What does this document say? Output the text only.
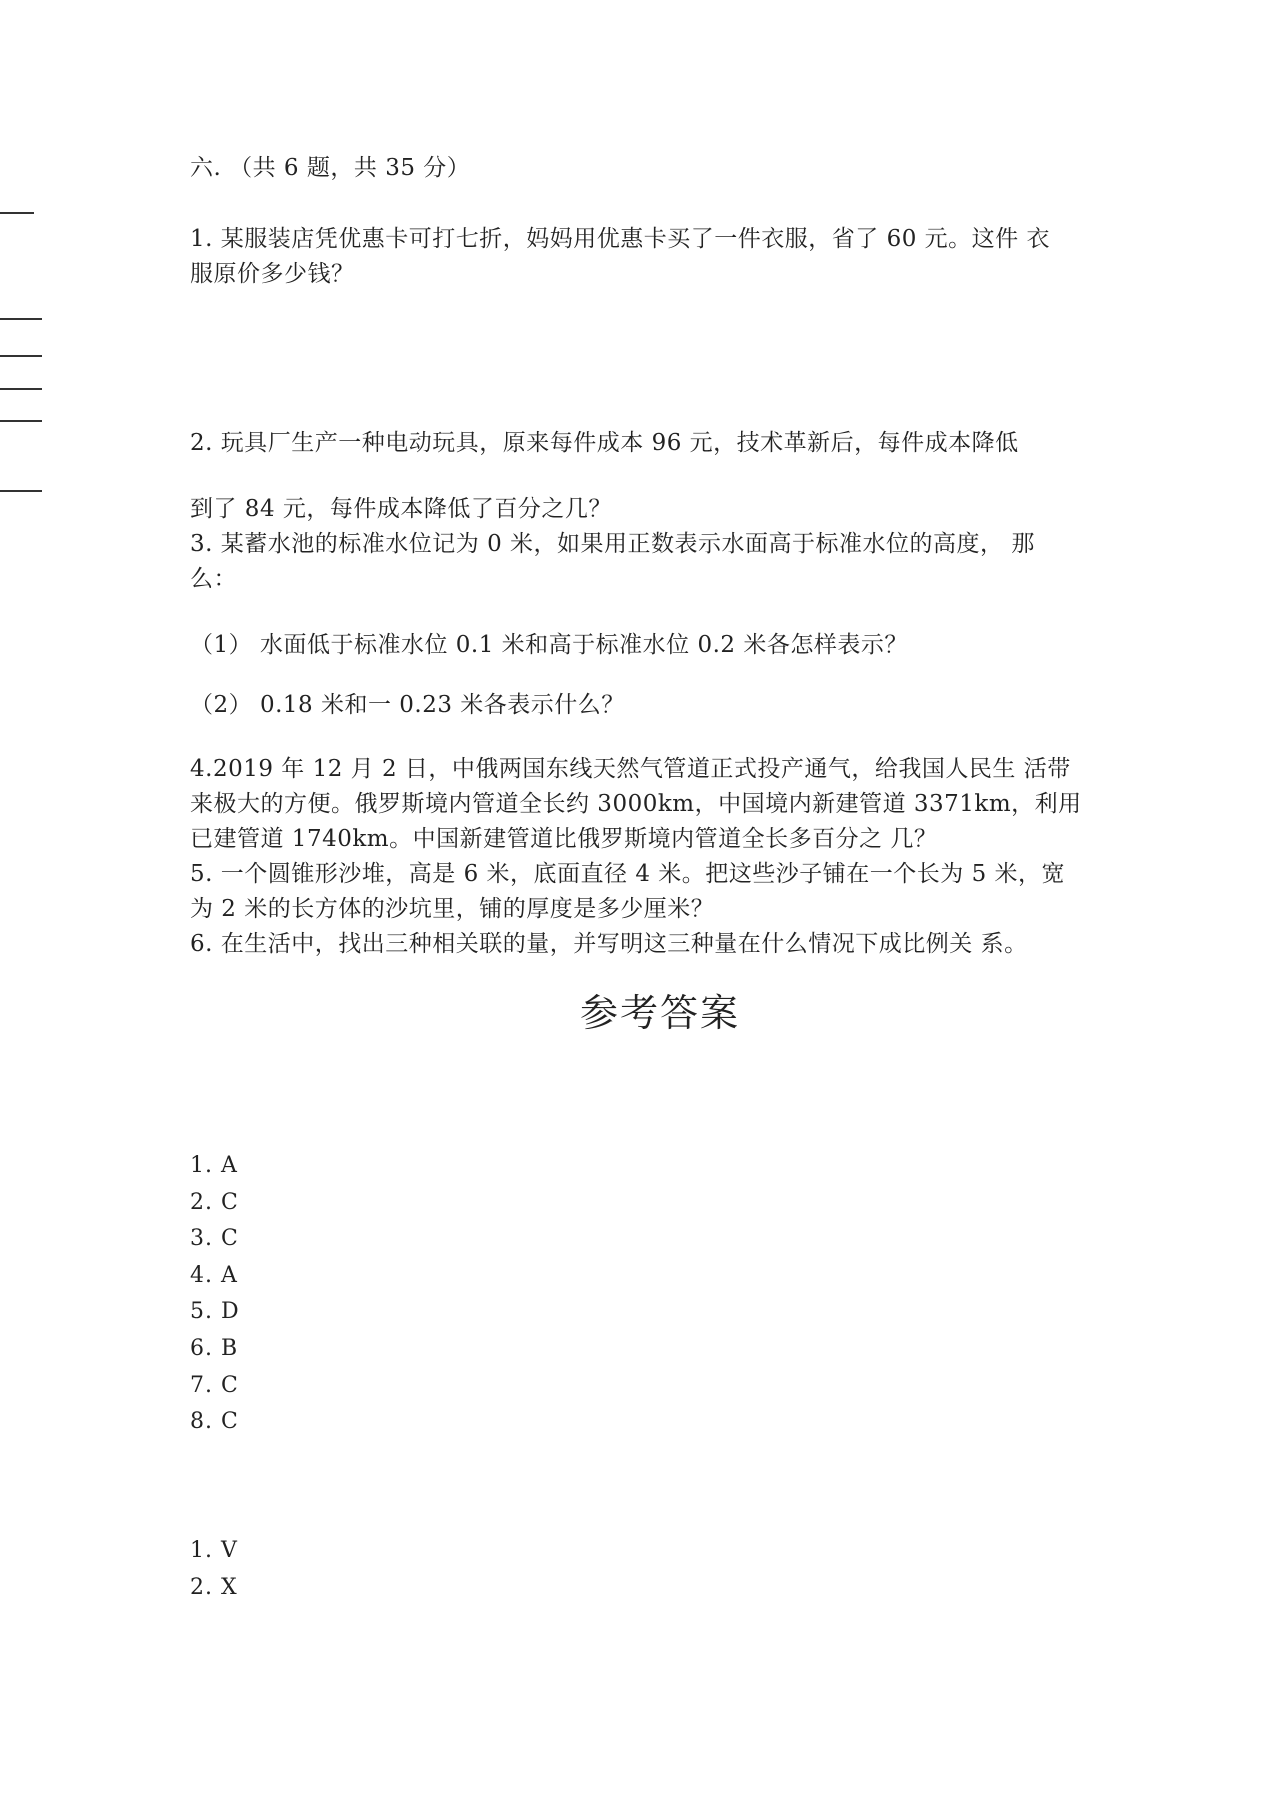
六. （共 6 题，共 35 分）
1. 某服装店凭优惠卡可打七折，妈妈用优惠卡买了一件衣服，省了 60 元。这件 衣
服原价多少钱？
2. 玩具厂生产一种电动玩具，原来每件成本 96 元，技术革新后，每件成本降低
到了 84 元，每件成本降低了百分之几？
3. 某蓄水池的标准水位记为 0 米，如果用正数表示水面高于标准水位的高度， 那
么：
（1） 水面低于标准水位 0.1 米和高于标准水位 0.2 米各怎样表示？
（2） 0.18 米和一 0.23 米各表示什么？
4.2019 年 12 月 2 日，中俄两国东线天然气管道正式投产通气，给我国人民生 活带
来极大的方便。俄罗斯境内管道全长约 3000km，中国境内新建管道 3371km，利用
已建管道 1740km。中国新建管道比俄罗斯境内管道全长多百分之 几？
5. 一个圆锥形沙堆，高是 6 米，底面直径 4 米。把这些沙子铺在一个长为 5 米，宽
为 2 米的长方体的沙坑里，铺的厚度是多少厘米？
6. 在生活中，找出三种相关联的量，并写明这三种量在什么情况下成比例关 系。
参考答案
1. A
2. C
3. C
4. A
5. D
6. B
7. C
8. C
1. V
2. X
